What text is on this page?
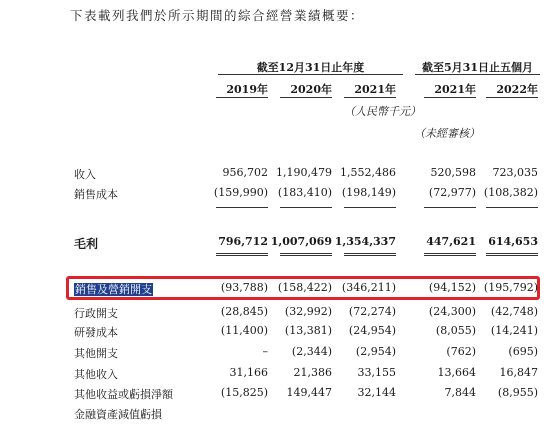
下表載列我們於所示期間的綜合經營業績概要：
截至12月31日止年度	截至5月31日止五個月
2019年	2020年	2021年	2021年	2022年
（人民幣千元）
（未經審核）
收入	956,702 1,190,479 1,552,486	520,598	723,035
銷售成本	(159,990) (183,410) (198,149)	(72,977) (108,382)
毛利	796,712 1,007,069 1,354,337	447,621	614,653
銷售及營銷開支	(93,788) (158,422) (346,211)	(94,152) (195,792)
行政開支	(28,845)	(32,992)	(72,274)	(24,300)	(42,748)
研發成本	(11,400)	(13,381)	(24,954)	(8,055)	(14,241)
其他開支	–	(2,344)	(2,954)	(762)	(695)
其他收入	31,166	21,386	33,155	13,664	16,847
其他收益或虧損淨額	(15,825)	149,447	32,144	7,844	(8,955)
金融資產減值虧損
